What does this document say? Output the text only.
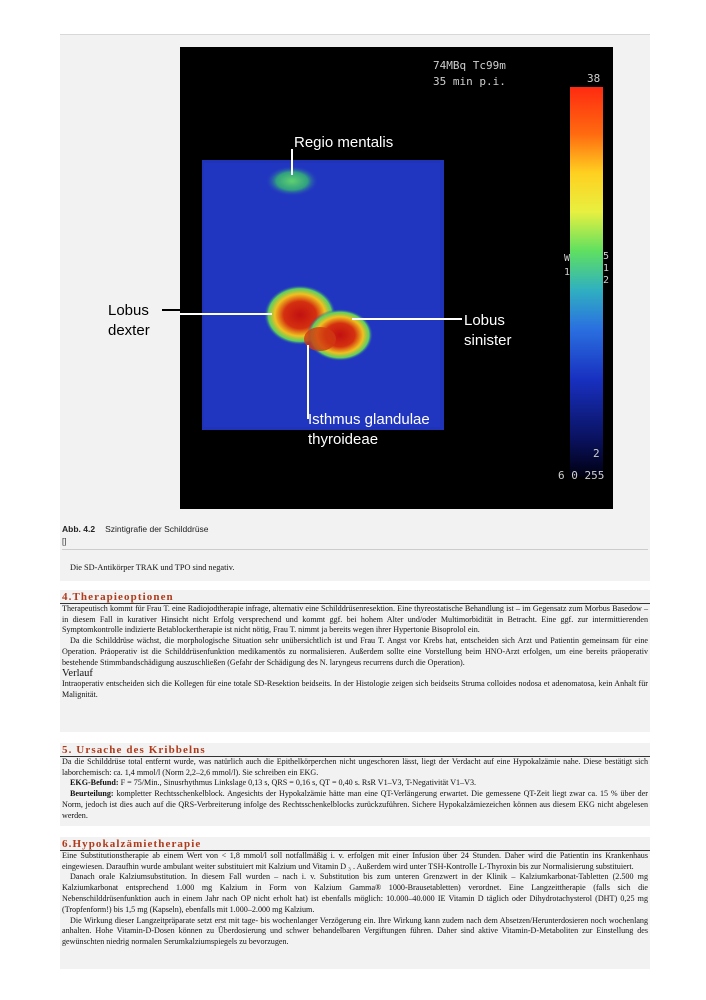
74MBq Tc99m
35 min p.i.	38
W
1
5
1
2
2
6 0 255
Regio mentalis
Lobus
sinister
Isthmus glandulae
thyroideae
Lobus
dexter
Abb. 4.2 Szintigrafie der Schilddrüse
[]
Die SD-Antikörper TRAK und TPO sind negativ.
4.Therapieoptionen

Therapeutisch kommt für Frau T. eine Radiojodtherapie infrage, alternativ eine Schilddrüsenresektion. Eine thyreostatische Behandlung ist – im Gegensatz zum Morbus Basedow – in diesem Fall in kurativer Hinsicht nicht Erfolg versprechend und kommt ggf. bei hohem Alter und/oder Multimorbidität in Betracht. Eine ggf. zur intermittierenden Symptomkontrolle indizierte Betablockertherapie ist nicht nötig, Frau T. nimmt ja bereits wegen ihrer Hypertonie Bisoprolol ein.

Da die Schilddrüse wächst, die morphologische Situation sehr unübersichtlich ist und Frau T. Angst vor Krebs hat, entscheiden sich Arzt und Patientin gemeinsam für eine Operation. Präoperativ ist die Schilddrüsenfunktion medikamentös zu normalisieren. Außerdem sollte eine Vorstellung beim HNO-Arzt erfolgen, um eine bereits präoperativ bestehende Stimmbandschädigung auszuschließen (Gefahr der Schädigung des N. laryngeus recurrens durch die Operation).

Verlauf

Intraoperativ entscheiden sich die Kollegen für eine totale SD-Resektion beidseits. In der Histologie zeigen sich beidseits Struma colloides nodosa et adenomatosa, kein Anhalt für Malignität.

5. Ursache des Kribbelns

Da die Schilddrüse total entfernt wurde, was natürlich auch die Epithelkörperchen nicht ungeschoren lässt, liegt der Verdacht auf eine Hypokalzämie nahe. Diese bestätigt sich laborchemisch: ca. 1,4 mmol/l (Norm 2,2–2,6 mmol/l). Sie schreiben ein EKG.

EKG-Befund: F = 75/Min., Sinusrhythmus Linkslage 0,13 s, QRS = 0,16 s, QT = 0,40 s. RsR V1–V3, T-Negativität V1–V3.

Beurteilung: kompletter Rechtsschenkelblock. Angesichts der Hypokalzämie hätte man eine QT-Verlängerung erwartet. Die gemessene QT-Zeit liegt zwar ca. 15 % über der Norm, jedoch ist dies auch auf die QRS-Verbreiterung infolge des Rechtsschenkelblocks zurückzuführen. Sichere Hypokalzämiezeichen können aus diesem EKG nicht abgelesen werden.

6.Hypokalzämietherapie

Eine Substitutionstherapie ab einem Wert von < 1,8 mmol/l soll notfallmäßig i. v. erfolgen mit einer Infusion über 24 Stunden. Daher wird die Patientin ins Krankenhaus eingewiesen. Daraufhin wurde ambulant weiter substituiert mit Kalzium und Vitamin D ₃ . Außerdem wird unter TSH-Kontrolle L-Thyroxin bis zur Normalisierung substituiert.

Danach orale Kalziumsubstitution. In diesem Fall wurden – nach i. v. Substitution bis zum unteren Grenzwert in der Klinik – Kalziumkarbonat-Tabletten (2.500 mg Kalziumkarbonat entsprechend 1.000 mg Kalzium in Form von Kalzium Gamma® 1000-Brausetabletten) verordnet. Eine Langzeittherapie (falls sich die Nebenschilddrüsenfunktion auch in einem Jahr nach OP nicht erholt hat) ist ebenfalls möglich: 10.000–40.000 IE Vitamin D täglich oder Dihydrotachysterol (DHT) 0,25 mg (Tropfenform!) bis 1,5 mg (Kapseln), ebenfalls mit 1.000–2.000 mg Kalzium.

Die Wirkung dieser Langzeitpräparate setzt erst mit tage- bis wochenlanger Verzögerung ein. Ihre Wirkung kann zudem nach dem Absetzen/Herunterdosieren noch wochenlang anhalten. Hohe Vitamin-D-Dosen können zu Überdosierung und schwer behandelbaren Vergiftungen führen. Daher sind aktive Vitamin-D-Metaboliten zur Einstellung des gewünschten niedrig normalen Serumkalziumspiegels zu bevorzugen.
